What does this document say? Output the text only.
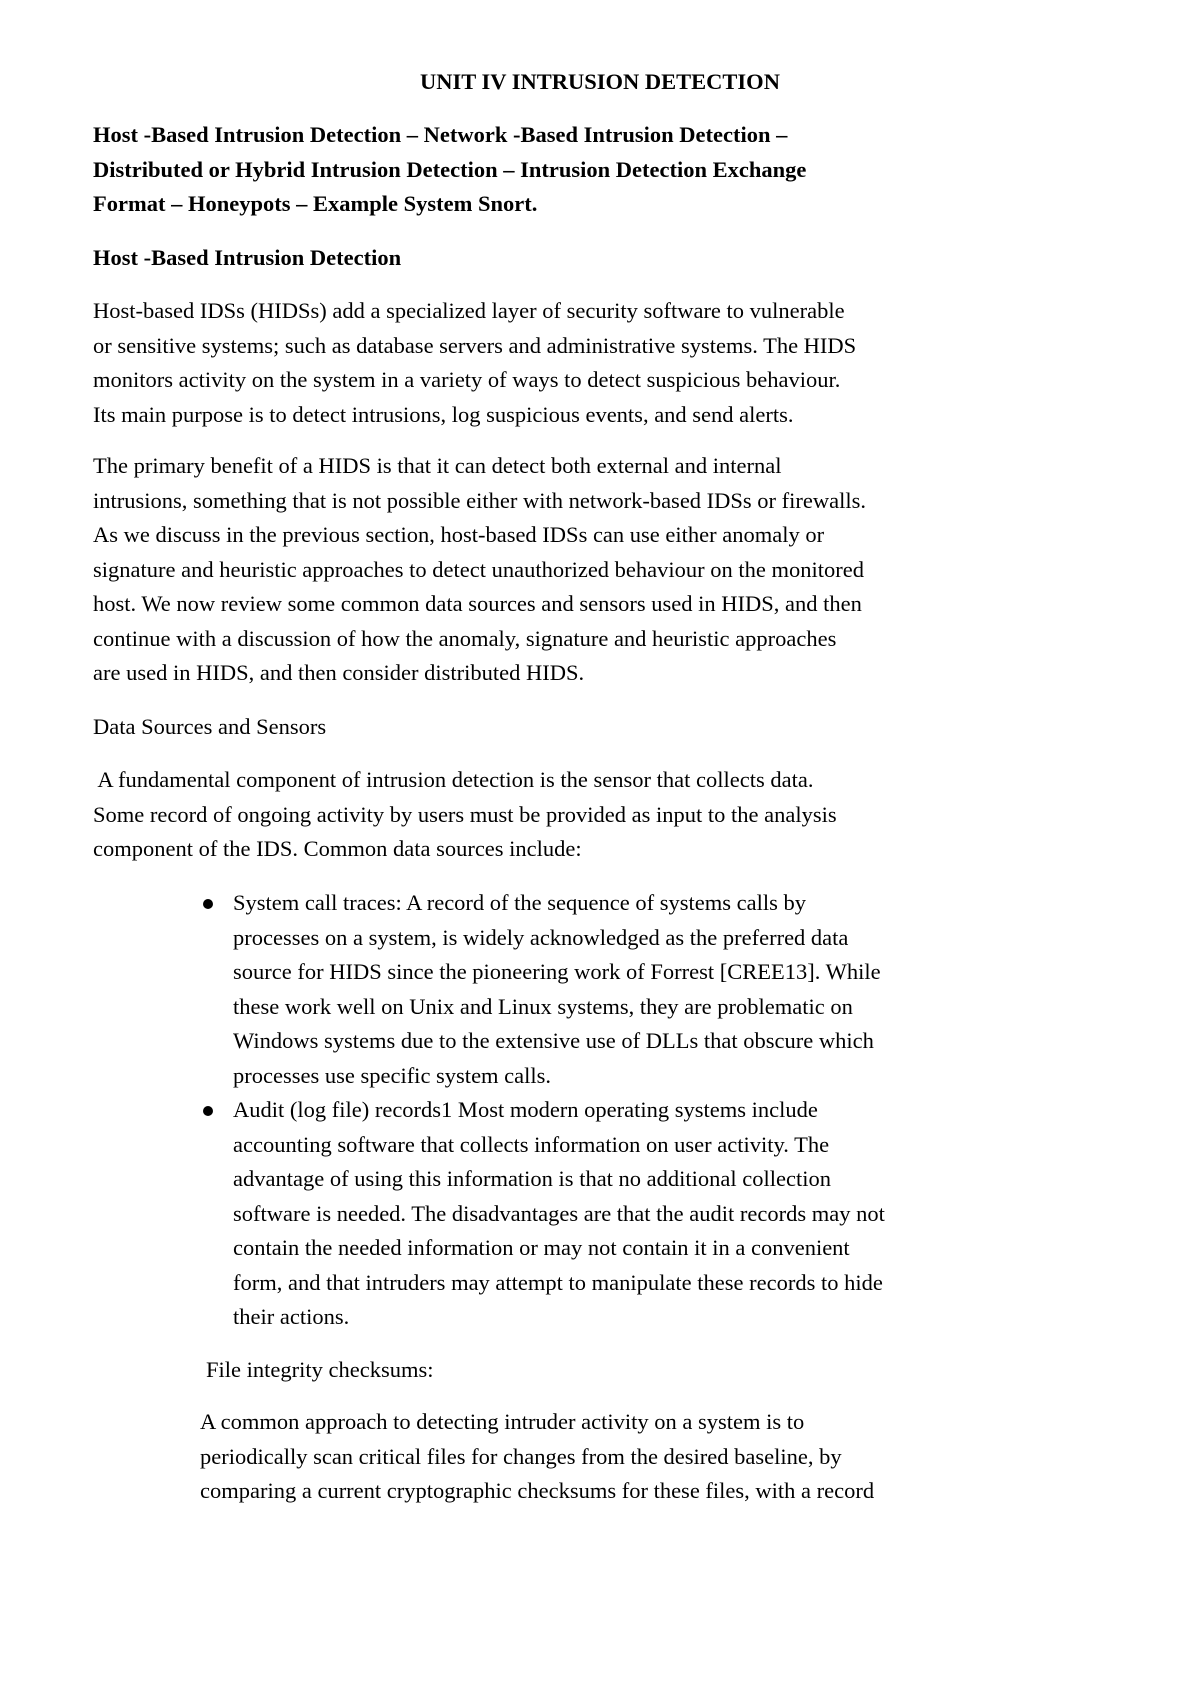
UNIT IV INTRUSION DETECTION
Host -Based Intrusion Detection – Network -Based Intrusion Detection –
Distributed or Hybrid Intrusion Detection – Intrusion Detection Exchange
Format – Honeypots – Example System Snort.
Host -Based Intrusion Detection
Host-based IDSs (HIDSs) add a specialized layer of security software to vulnerable
or sensitive systems; such as database servers and administrative systems. The HIDS
monitors activity on the system in a variety of ways to detect suspicious behaviour.
Its main purpose is to detect intrusions, log suspicious events, and send alerts.
The primary benefit of a HIDS is that it can detect both external and internal
intrusions, something that is not possible either with network-based IDSs or firewalls.
As we discuss in the previous section, host-based IDSs can use either anomaly or
signature and heuristic approaches to detect unauthorized behaviour on the monitored
host. We now review some common data sources and sensors used in HIDS, and then
continue with a discussion of how the anomaly, signature and heuristic approaches
are used in HIDS, and then consider distributed HIDS.
Data Sources and Sensors
A fundamental component of intrusion detection is the sensor that collects data.
Some record of ongoing activity by users must be provided as input to the analysis
component of the IDS. Common data sources include:
System call traces: A record of the sequence of systems calls by
processes on a system, is widely acknowledged as the preferred data
source for HIDS since the pioneering work of Forrest [CREE13]. While
these work well on Unix and Linux systems, they are problematic on
Windows systems due to the extensive use of DLLs that obscure which
processes use specific system calls.
Audit (log file) records1 Most modern operating systems include
accounting software that collects information on user activity. The
advantage of using this information is that no additional collection
software is needed. The disadvantages are that the audit records may not
contain the needed information or may not contain it in a convenient
form, and that intruders may attempt to manipulate these records to hide
their actions.
File integrity checksums:
A common approach to detecting intruder activity on a system is to
periodically scan critical files for changes from the desired baseline, by
comparing a current cryptographic checksums for these files, with a record
